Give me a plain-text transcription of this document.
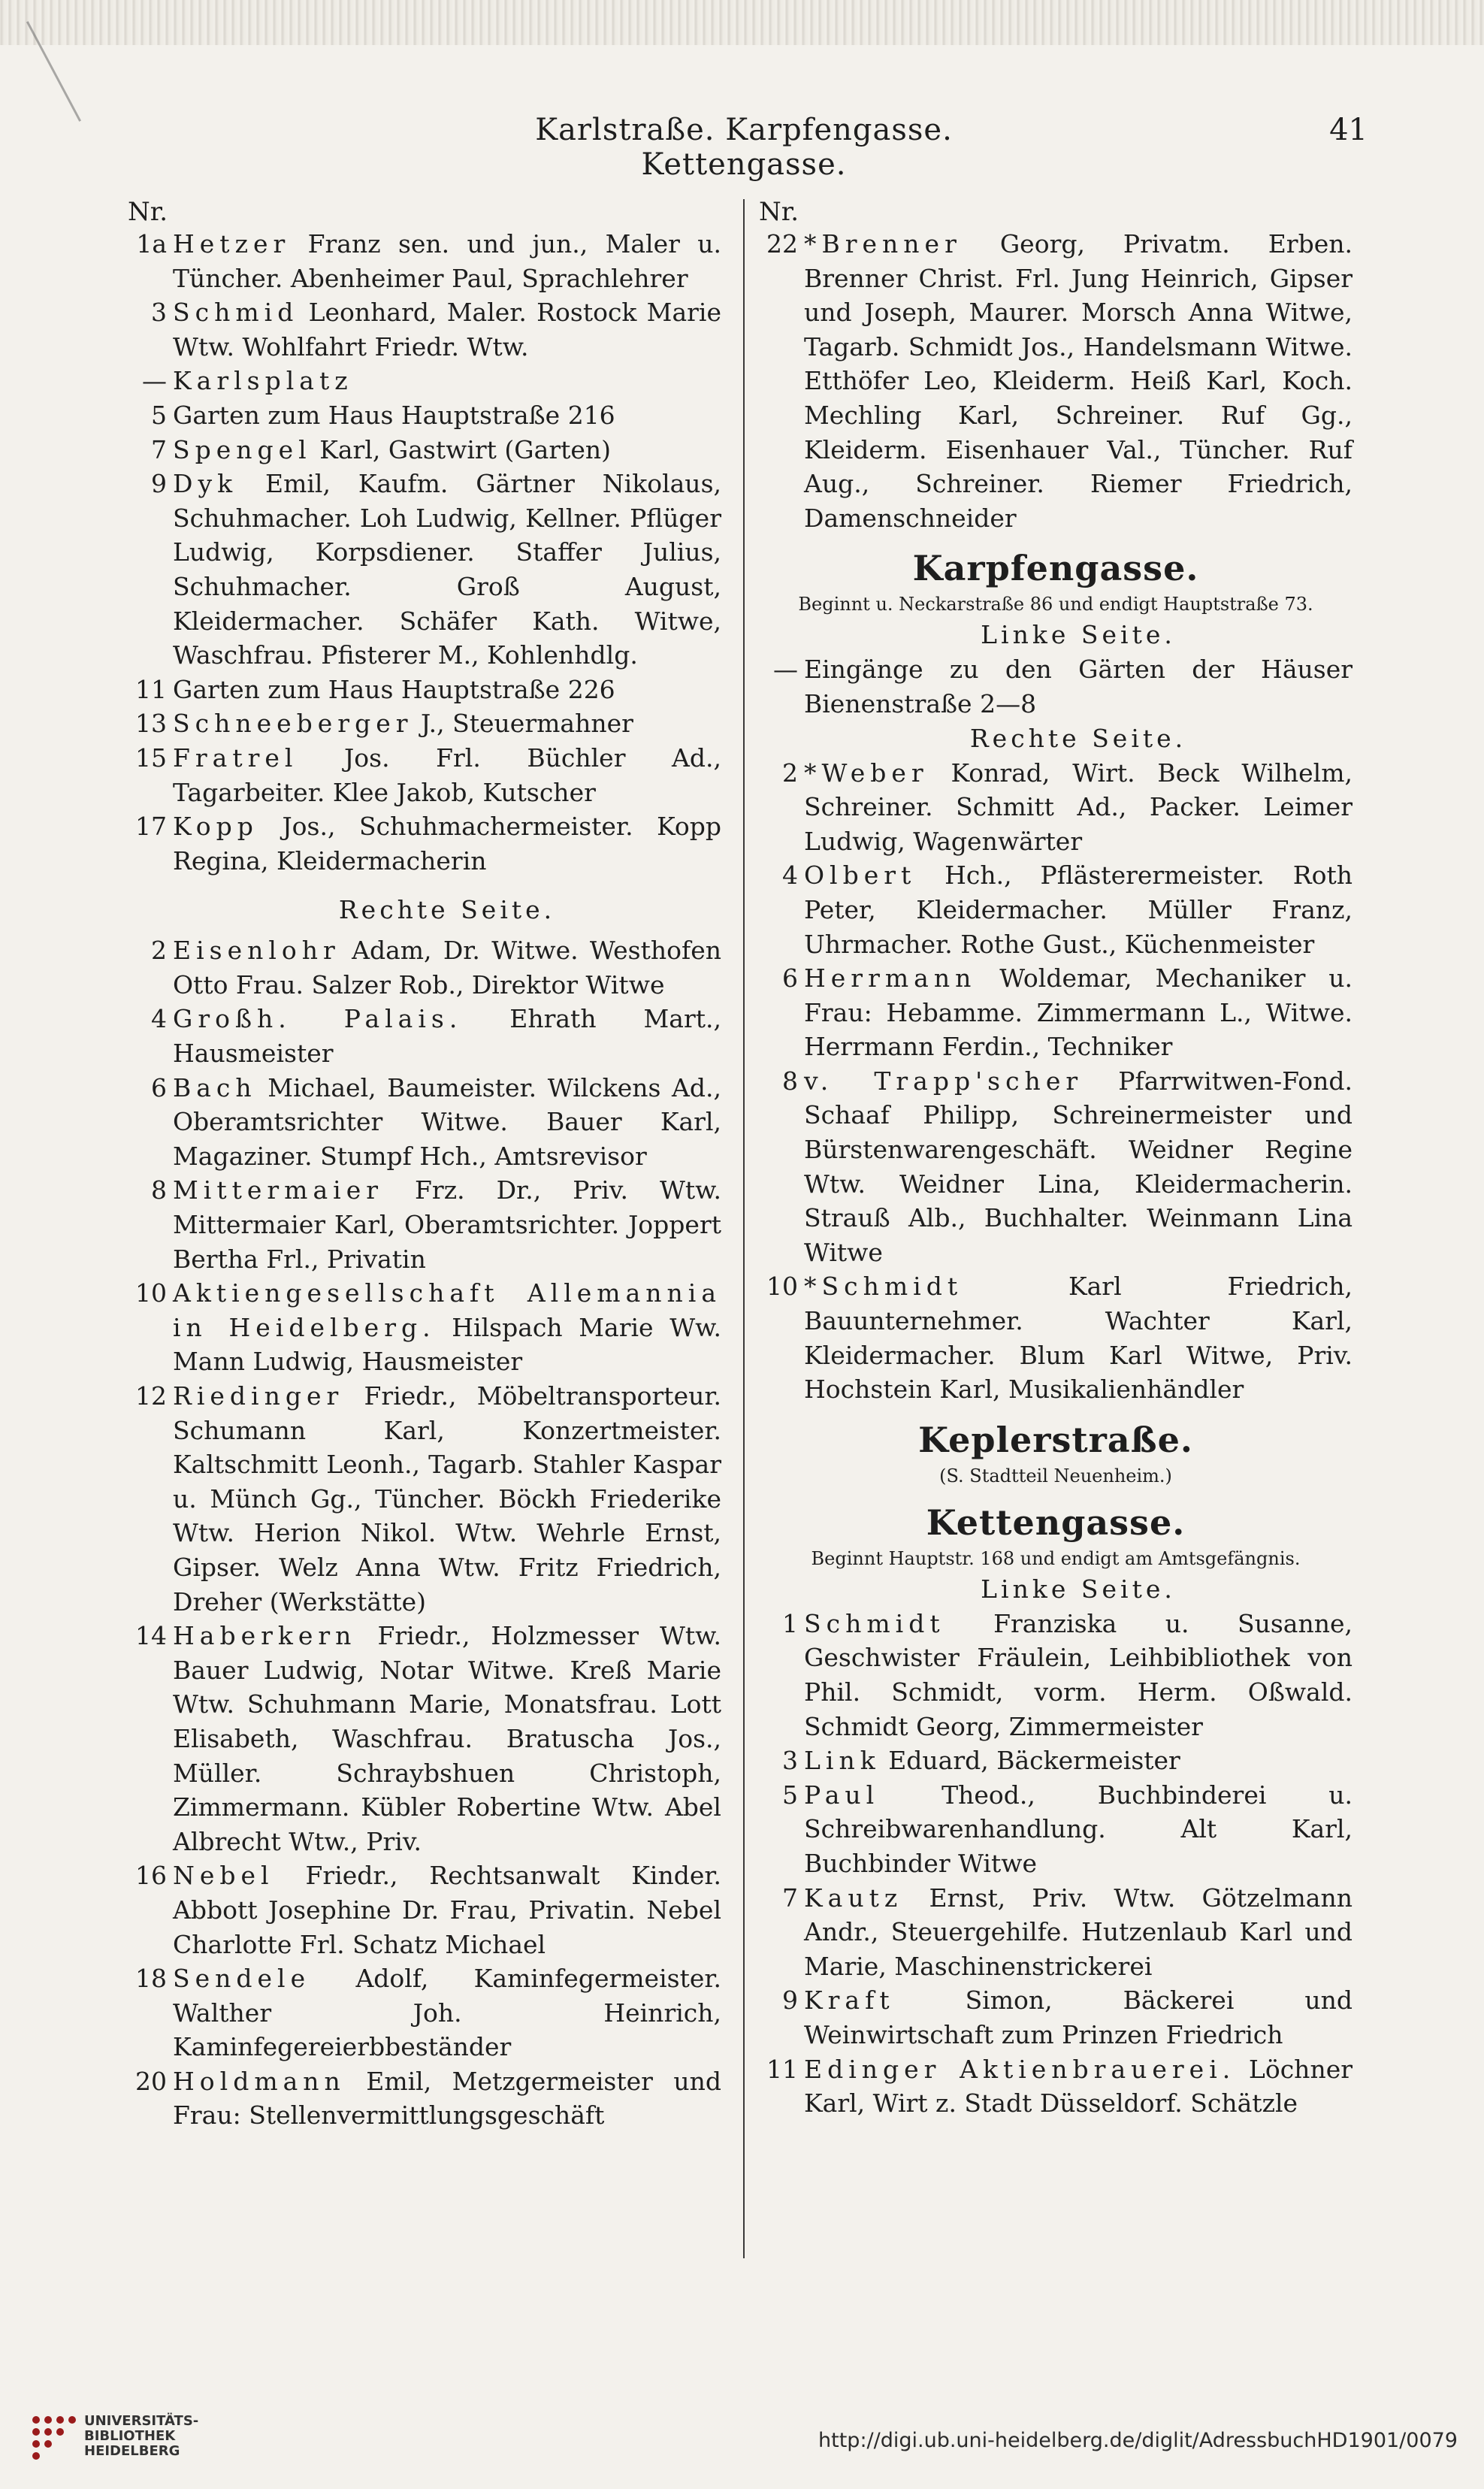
Karlstraße. Karpfengasse. Kettengasse.
41
Nr.
1a Hetzer Franz sen. und jun., Maler u. Tüncher. Abenheimer Paul, Sprachlehrer
3 Schmid Leonhard, Maler. Rostock Marie Wtw. Wohlfahrt Friedr. Wtw.
— Karlsplatz
5 Garten zum Haus Hauptstraße 216
7 Spengel Karl, Gastwirt (Garten)
9 Dyk Emil, Kaufm. Gärtner Nikolaus, Schuhmacher. Loh Ludwig, Kellner. Pflüger Ludwig, Korpsdiener. Staffer Julius, Schuhmacher. Groß August, Kleidermacher. Schäfer Kath. Witwe, Waschfrau. Pfisterer M., Kohlenhdlg.
11 Garten zum Haus Hauptstraße 226
13 Schneeberger J., Steuermahner
15 Fratrel Jos. Frl. Büchler Ad., Tagarbeiter. Klee Jakob, Kutscher
17 Kopp Jos., Schuhmachermeister. Kopp Regina, Kleidermacherin
Rechte Seite.
2 Eisenlohr Adam, Dr. Witwe. Westhofen Otto Frau. Salzer Rob., Direktor Witwe
4 Großh. Palais. Ehrath Mart., Hausmeister
6 Bach Michael, Baumeister. Wilckens Ad., Oberamtsrichter Witwe. Bauer Karl, Magaziner. Stumpf Hch., Amtsrevisor
8 Mittermaier Frz. Dr., Priv. Wtw. Mittermaier Karl, Oberamtsrichter. Joppert Bertha Frl., Privatin
10 Aktiengesellschaft Allemannia in Heidelberg. Hilspach Marie Ww. Mann Ludwig, Hausmeister
12 Riedinger Friedr., Möbeltransporteur. Schumann Karl, Konzertmeister. Kaltschmitt Leonh., Tagarb. Stahler Kaspar u. Münch Gg., Tüncher. Böckh Friederike Wtw. Herion Nikol. Wtw. Wehrle Ernst, Gipser. Welz Anna Wtw. Fritz Friedrich, Dreher (Werkstätte)
14 Haberkern Friedr., Holzmesser Wtw. Bauer Ludwig, Notar Witwe. Kreß Marie Wtw. Schuhmann Marie, Monatsfrau. Lott Elisabeth, Waschfrau. Bratuscha Jos., Müller. Schraybshuen Christoph, Zimmermann. Kübler Robertine Wtw. Abel Albrecht Wtw., Priv.
16 Nebel Friedr., Rechtsanwalt Kinder. Abbott Josephine Dr. Frau, Privatin. Nebel Charlotte Frl. Schatz Michael
18 Sendele Adolf, Kaminfegermeister. Walther Joh. Heinrich, Kaminfegereierbbeständer
20 Holdmann Emil, Metzgermeister und Frau: Stellenvermittlungsgeschäft
Nr.
22 *Brenner Georg, Privatm. Erben. Brenner Christ. Frl. Jung Heinrich, Gipser und Joseph, Maurer. Morsch Anna Witwe, Tagarb. Schmidt Jos., Handelsmann Witwe. Etthöfer Leo, Kleiderm. Heiß Karl, Koch. Mechling Karl, Schreiner. Ruf Gg., Kleiderm. Eisenhauer Val., Tüncher. Ruf Aug., Schreiner. Riemer Friedrich, Damenschneider
Karpfengasse.
Beginnt u. Neckarstraße 86 und endigt Hauptstraße 73.
Linke Seite.
— Eingänge zu den Gärten der Häuser Bienenstraße 2—8
Rechte Seite.
2 *Weber Konrad, Wirt. Beck Wilhelm, Schreiner. Schmitt Ad., Packer. Leimer Ludwig, Wagenwärter
4 Olbert Hch., Pflästerermeister. Roth Peter, Kleidermacher. Müller Franz, Uhrmacher. Rothe Gust., Küchenmeister
6 Herrmann Woldemar, Mechaniker u. Frau: Hebamme. Zimmermann L., Witwe. Herrmann Ferdin., Techniker
8 v. Trapp'scher Pfarrwitwen-Fond. Schaaf Philipp, Schreinermeister und Bürstenwarengeschäft. Weidner Regine Wtw. Weidner Lina, Kleidermacherin. Strauß Alb., Buchhalter. Weinmann Lina Witwe
10 *Schmidt	Karl Friedrich, Bauunternehmer. Wachter Karl, Kleidermacher. Blum Karl Witwe, Priv. Hochstein Karl, Musikalienhändler
Keplerstraße.
(S. Stadtteil Neuenheim.)
Kettengasse.
Beginnt Hauptstr. 168 und endigt am Amtsgefängnis.
Linke Seite.
1 Schmidt Franziska u. Susanne, Geschwister Fräulein, Leihbibliothek von Phil. Schmidt, vorm. Herm. Oßwald. Schmidt Georg, Zimmermeister
3 Link Eduard, Bäckermeister
5 Paul	Theod., Buchbinderei u. Schreibwarenhandlung. Alt Karl, Buchbinder Witwe
7 Kautz Ernst, Priv. Wtw. Götzelmann Andr., Steuergehilfe. Hutzenlaub Karl und Marie, Maschinenstrickerei
9 Kraft	Simon, Bäckerei und Weinwirtschaft zum Prinzen Friedrich
11 Edinger Aktienbrauerei. Löchner Karl, Wirt z. Stadt Düsseldorf. Schätzle
UNIVERSITÄTS-
BIBLIOTHEK
HEIDELBERG	http://digi.ub.uni-heidelberg.de/diglit/AdressbuchHD1901/0079
